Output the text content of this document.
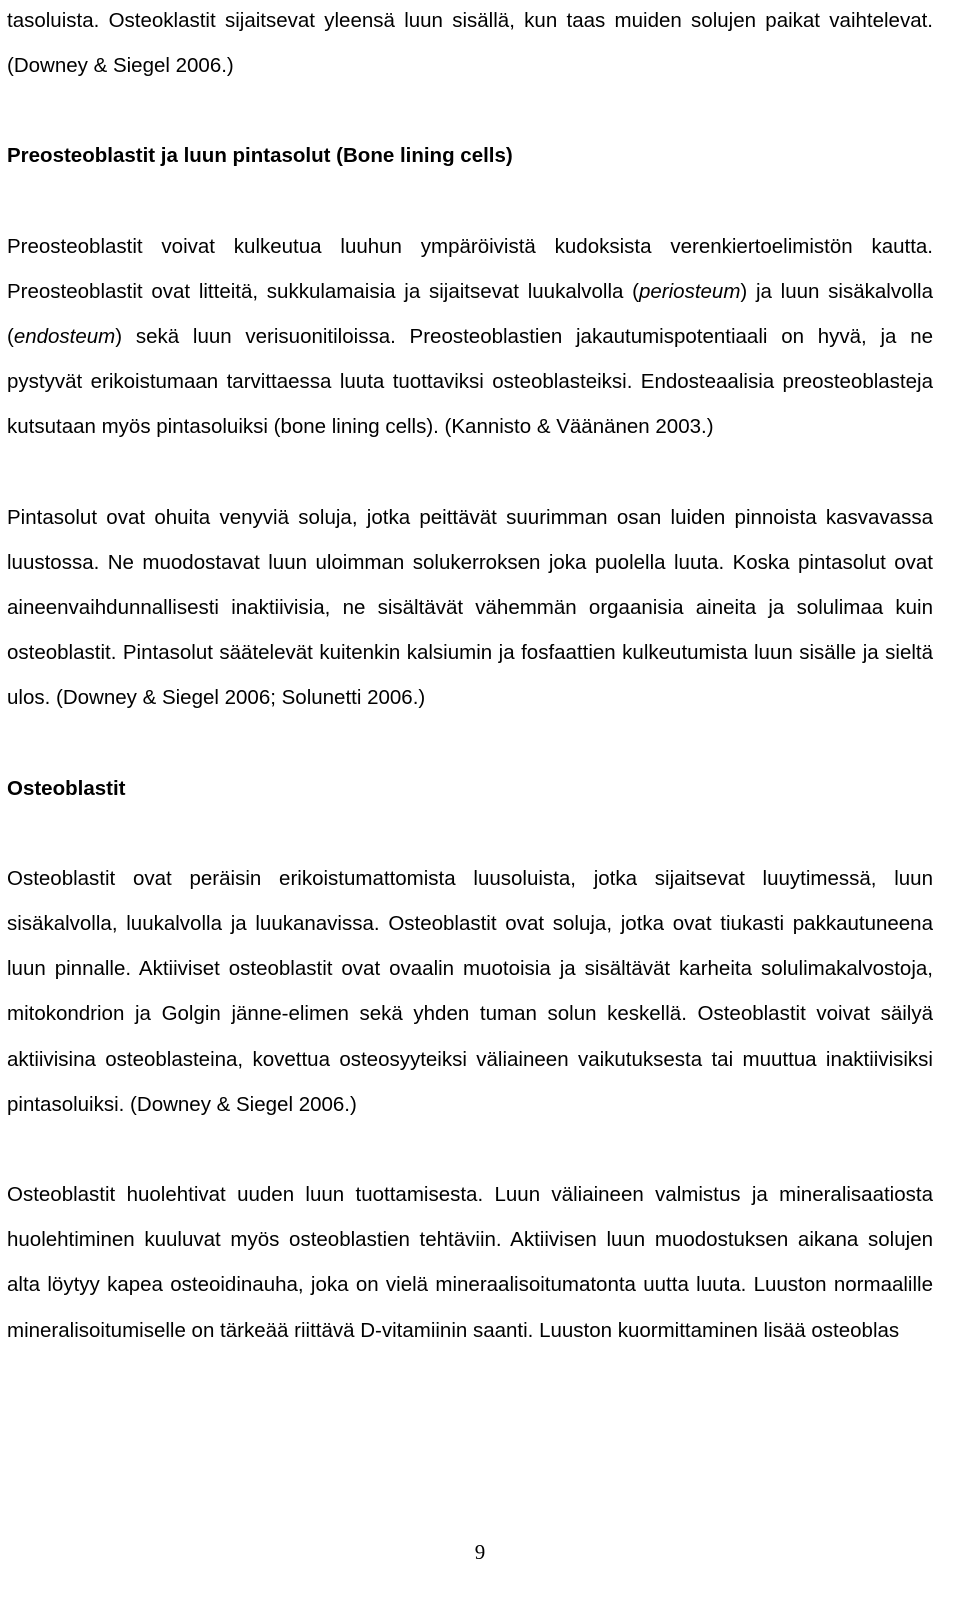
tasoluista. Osteoklastit sijaitsevat yleensä luun sisällä, kun taas muiden solujen paikat vaihtelevat. (Downey & Siegel 2006.)

Preosteoblastit ja luun pintasolut (Bone lining cells)

Preosteoblastit voivat kulkeutua luuhun ympäröivistä kudoksista verenkiertoelimistön kautta. Preosteoblastit ovat litteitä, sukkulamaisia ja sijaitsevat luukalvolla (periosteum) ja luun sisäkalvolla (endosteum) sekä luun verisuonitiloissa. Preosteoblastien jakautumispotentiaali on hyvä, ja ne pystyvät erikoistumaan tarvittaessa luuta tuottaviksi osteoblasteiksi. Endosteaalisia preosteoblasteja kutsutaan myös pintasoluiksi (bone lining cells). (Kannisto & Väänänen 2003.)

Pintasolut ovat ohuita venyviä soluja, jotka peittävät suurimman osan luiden pinnoista kasvavassa luustossa. Ne muodostavat luun uloimman solukerroksen joka puolella luuta. Koska pintasolut ovat aineenvaihdunnallisesti inaktiivisia, ne sisältävät vähemmän orgaanisia aineita ja solulimaa kuin osteoblastit. Pintasolut säätelevät kuitenkin kalsiumin ja fosfaattien kulkeutumista luun sisälle ja sieltä ulos. (Downey & Siegel 2006; Solunetti 2006.)

Osteoblastit

Osteoblastit ovat peräisin erikoistumattomista luusoluista, jotka sijaitsevat luuytimessä, luun sisäkalvolla, luukalvolla ja luukanavissa. Osteoblastit ovat soluja, jotka ovat tiukasti pakkautuneena luun pinnalle. Aktiiviset osteoblastit ovat ovaalin muotoisia ja sisältävät karheita solulimakalvostoja, mitokondrion ja Golgin jänne-elimen sekä yhden tuman solun keskellä. Osteoblastit voivat säilyä aktiivisina osteoblasteina, kovettua osteosyyteiksi väliaineen vaikutuksesta tai muuttua inaktiivisiksi pintasoluiksi. (Downey & Siegel 2006.)

Osteoblastit huolehtivat uuden luun tuottamisesta. Luun väliaineen valmistus ja mineralisaatiosta huolehtiminen kuuluvat myös osteoblastien tehtäviin. Aktiivisen luun muodostuksen aikana solujen alta löytyy kapea osteoidinauha, joka on vielä mineraalisoitumatonta uutta luuta. Luuston normaalille mineralisoitumiselle on tärkeää riittävä D-vitamiinin saanti. Luuston kuormittaminen lisää osteoblas

9
